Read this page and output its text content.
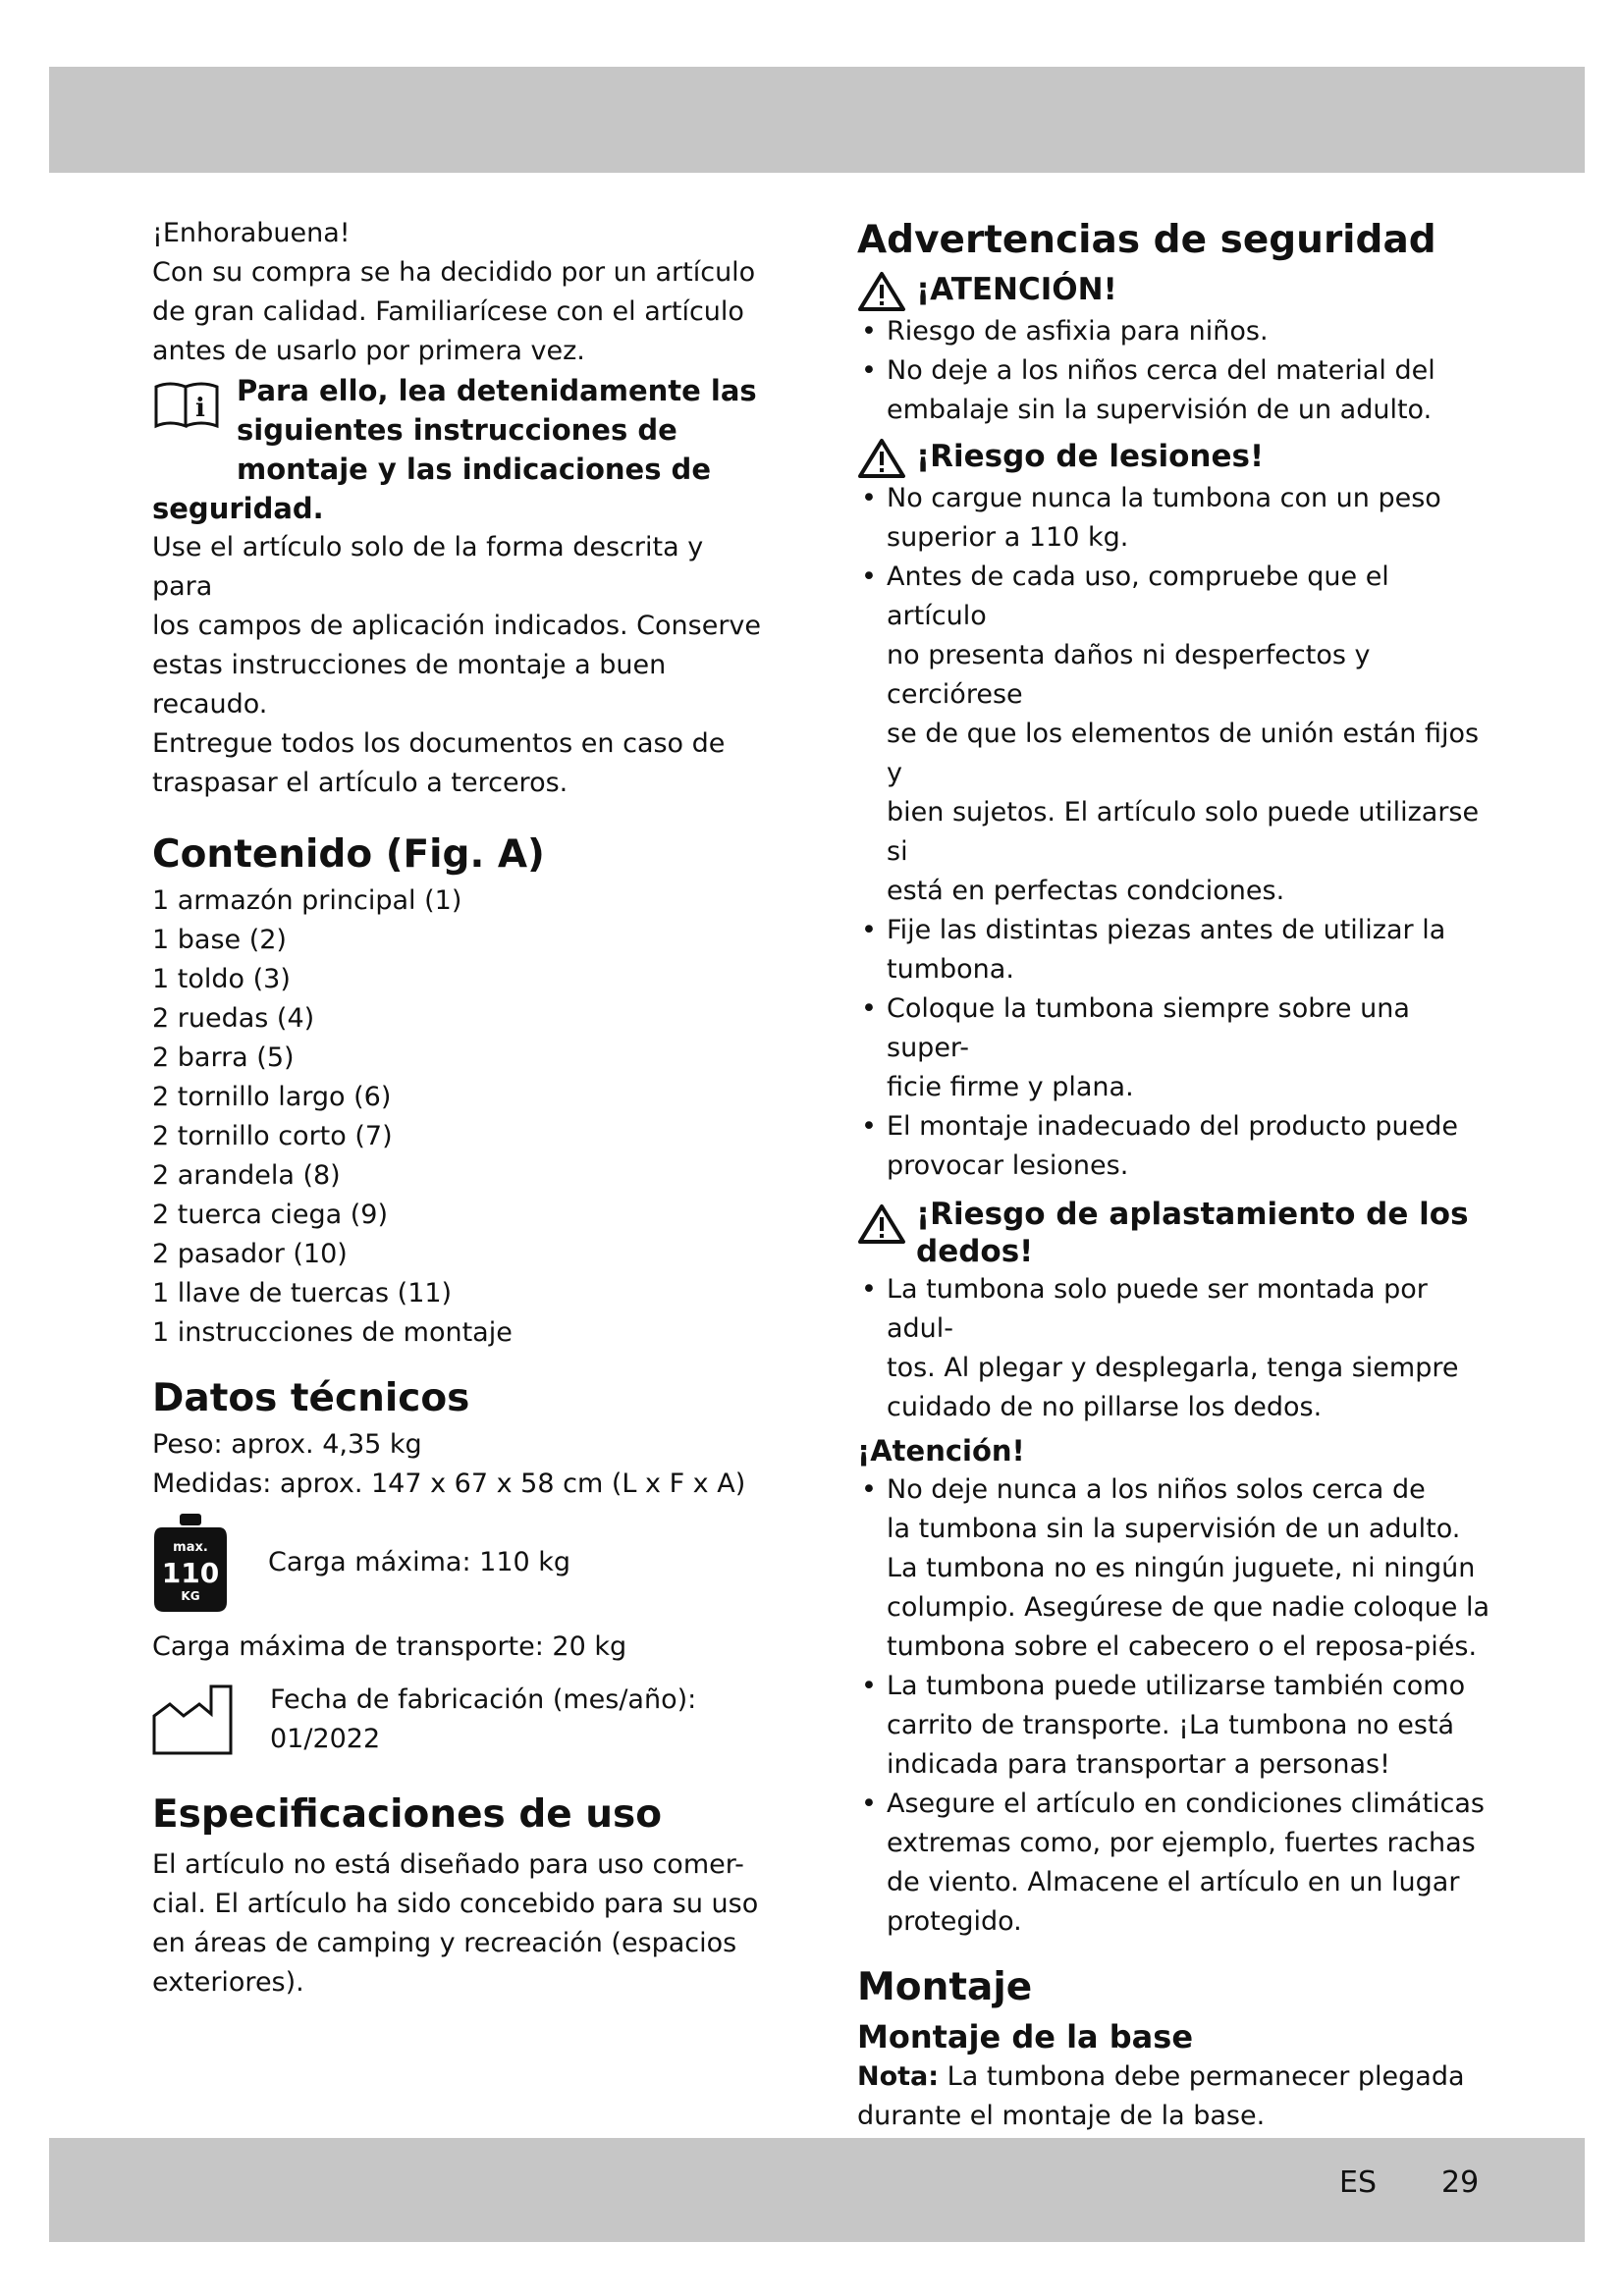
¡Enhorabuena!

Con su compra se ha decidido por un artículo

de gran calidad. Familiarícese con el artículo

antes de usarlo por primera vez.

i

Para ello, lea detenidamente las

siguientes instrucciones de

montaje y las indicaciones de

seguridad.

Use el artículo solo de la forma descrita y para

los campos de aplicación indicados. Conserve

estas instrucciones de montaje a buen recaudo.

Entregue todos los documentos en caso de

traspasar el artículo a terceros.

Contenido (Fig. A)
1 armazón principal (1)
1 base (2)
1 toldo (3)
2 ruedas (4)
2 barra (5)
2 tornillo largo (6)
2 tornillo corto (7)
2 arandela (8)
2 tuerca ciega (9)
2 pasador (10)
1 llave de tuercas (11)
1 instrucciones de montaje
Datos técnicos

Peso: aprox. 4,35 kg

Medidas: aprox. 147 x 67 x 58 cm (L x F x A)

max.
110
KG
Carga máxima: 110 kg

Carga máxima de transporte: 20 kg

Fecha de fabricación (mes/año):

01/2022

Especificaciones de uso

El artículo no está diseñado para uso comer-

cial. El artículo ha sido concebido para su uso

en áreas de camping y recreación (espacios

exteriores).

Advertencias de seguridad
¡ATENCIÓN!
• Riesgo de asfixia para niños.
• No deje a los niños cerca del material del
embalaje sin la supervisión de un adulto.
¡Riesgo de lesiones!
• No cargue nunca la tumbona con un peso
superior a 110 kg.
• Antes de cada uso, compruebe que el artículo
no presenta daños ni desperfectos y cerciórese
se de que los elementos de unión están fijos y
bien sujetos. El artículo solo puede utilizarse si
está en perfectas condciones.
• Fije las distintas piezas antes de utilizar la
tumbona.
• Coloque la tumbona siempre sobre una super-
ficie firme y plana.
• El montaje inadecuado del producto puede
provocar lesiones.
¡Riesgo de aplastamiento de los
dedos!
• La tumbona solo puede ser montada por adul-
tos. Al plegar y desplegarla, tenga siempre
cuidado de no pillarse los dedos.
¡Atención!
• No deje nunca a los niños solos cerca de
la tumbona sin la supervisión de un adulto.
La tumbona no es ningún juguete, ni ningún
columpio. Asegúrese de que nadie coloque la
tumbona sobre el cabecero o el reposa-piés.
• La tumbona puede utilizarse también como
carrito de transporte. ¡La tumbona no está
indicada para transportar a personas!
• Asegure el artículo en condiciones climáticas
extremas como, por ejemplo, fuertes rachas
de viento. Almacene el artículo en un lugar
protegido.
Montaje
Montaje de la base

Nota: La tumbona debe permanecer plegada

durante el montaje de la base.

ES 29
